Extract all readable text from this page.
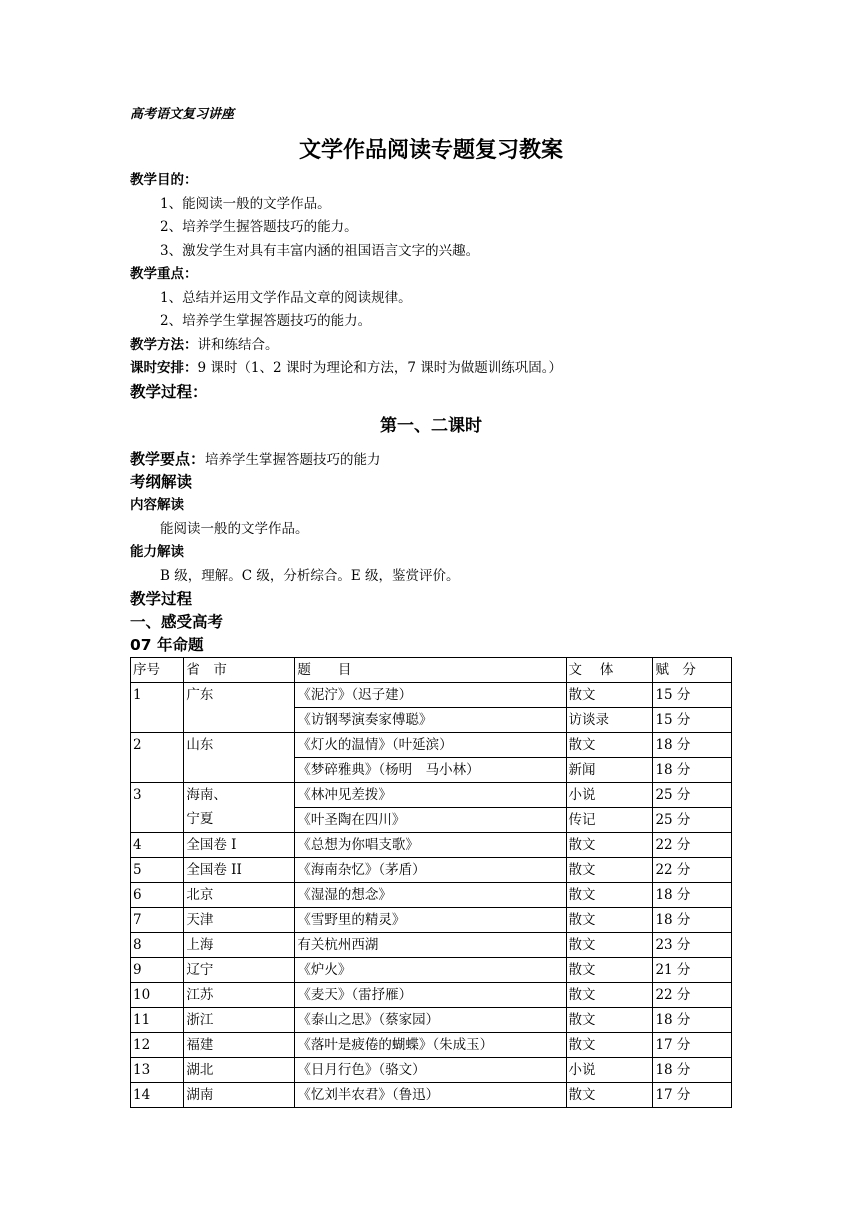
高考语文复习讲座
文学作品阅读专题复习教案
教学目的：
1、能阅读一般的文学作品。
2、培养学生握答题技巧的能力。
3、激发学生对具有丰富内涵的祖国语言文字的兴趣。
教学重点：
1、总结并运用文学作品文章的阅读规律。
2、培养学生掌握答题技巧的能力。
教学方法：讲和练结合。
课时安排：9 课时（1、2 课时为理论和方法，7 课时为做题训练巩固。）
教学过程：
第一、二课时
教学要点：培养学生掌握答题技巧的能力
考纲解读
内容解读
能阅读一般的文学作品。
能力解读
B 级，理解。C 级，分析综合。E 级，鉴赏评价。
教学过程
一、感受高考
07 年命题
序号	省　市	题　　目	文　 体	赋　分
1	广东	《泥泞》（迟子建）	散文	15 分
		《访钢琴演奏家傅聪》	访谈录	15 分
2	山东	《灯火的温情》（叶延滨）	散文	18 分
		《梦碎雅典》（杨明　马小林）	新闻	18 分
3	海南、
宁夏	《林冲见差拨》	小说	25 分
		《叶圣陶在四川》	传记	25 分
4	全国卷 I	《总想为你唱支歌》	散文	22 分
5	全国卷 II	《海南杂忆》（茅盾）	散文	22 分
6	北京	《湿湿的想念》	散文	18 分
7	天津	《雪野里的精灵》	散文	18 分
8	上海	有关杭州西湖	散文	23 分
9	辽宁	《炉火》	散文	21 分
10	江苏	《麦天》（雷抒雁）	散文	22 分
11	浙江	《泰山之思》（蔡家园）	散文	18 分
12	福建	《落叶是疲倦的蝴蝶》（朱成玉）	散文	17 分
13	湖北	《日月行色》（骆文）	小说	18 分
14	湖南	《忆刘半农君》（鲁迅）	散文	17 分
